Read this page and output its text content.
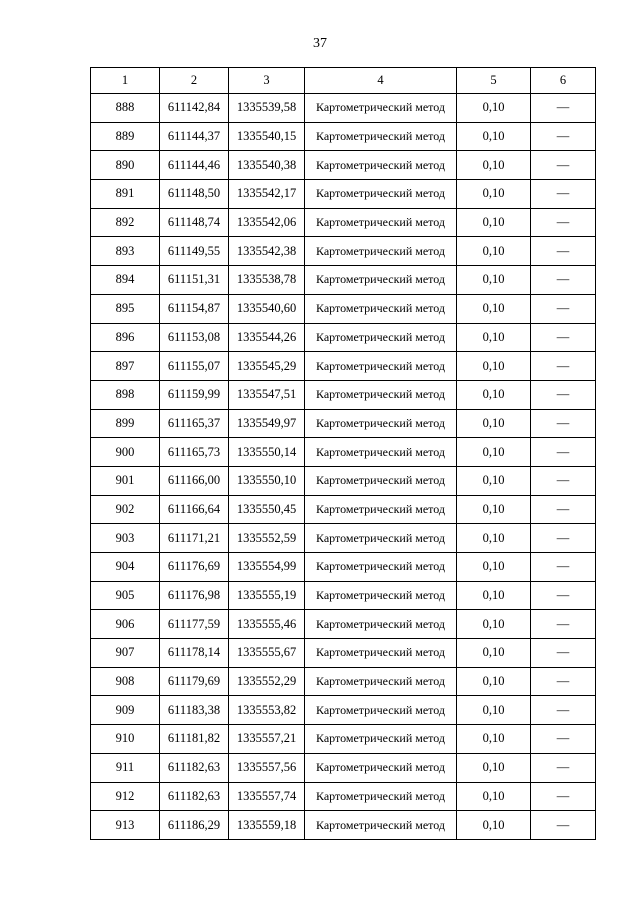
37
1	2	3	4	5	6
888	611142,84	1335539,58	Картометрический метод	0,10	—
889	611144,37	1335540,15	Картометрический метод	0,10	—
890	611144,46	1335540,38	Картометрический метод	0,10	—
891	611148,50	1335542,17	Картометрический метод	0,10	—
892	611148,74	1335542,06	Картометрический метод	0,10	—
893	611149,55	1335542,38	Картометрический метод	0,10	—
894	611151,31	1335538,78	Картометрический метод	0,10	—
895	611154,87	1335540,60	Картометрический метод	0,10	—
896	611153,08	1335544,26	Картометрический метод	0,10	—
897	611155,07	1335545,29	Картометрический метод	0,10	—
898	611159,99	1335547,51	Картометрический метод	0,10	—
899	611165,37	1335549,97	Картометрический метод	0,10	—
900	611165,73	1335550,14	Картометрический метод	0,10	—
901	611166,00	1335550,10	Картометрический метод	0,10	—
902	611166,64	1335550,45	Картометрический метод	0,10	—
903	611171,21	1335552,59	Картометрический метод	0,10	—
904	611176,69	1335554,99	Картометрический метод	0,10	—
905	611176,98	1335555,19	Картометрический метод	0,10	—
906	611177,59	1335555,46	Картометрический метод	0,10	—
907	611178,14	1335555,67	Картометрический метод	0,10	—
908	611179,69	1335552,29	Картометрический метод	0,10	—
909	611183,38	1335553,82	Картометрический метод	0,10	—
910	611181,82	1335557,21	Картометрический метод	0,10	—
911	611182,63	1335557,56	Картометрический метод	0,10	—
912	611182,63	1335557,74	Картометрический метод	0,10	—
913	611186,29	1335559,18	Картометрический метод	0,10	—
